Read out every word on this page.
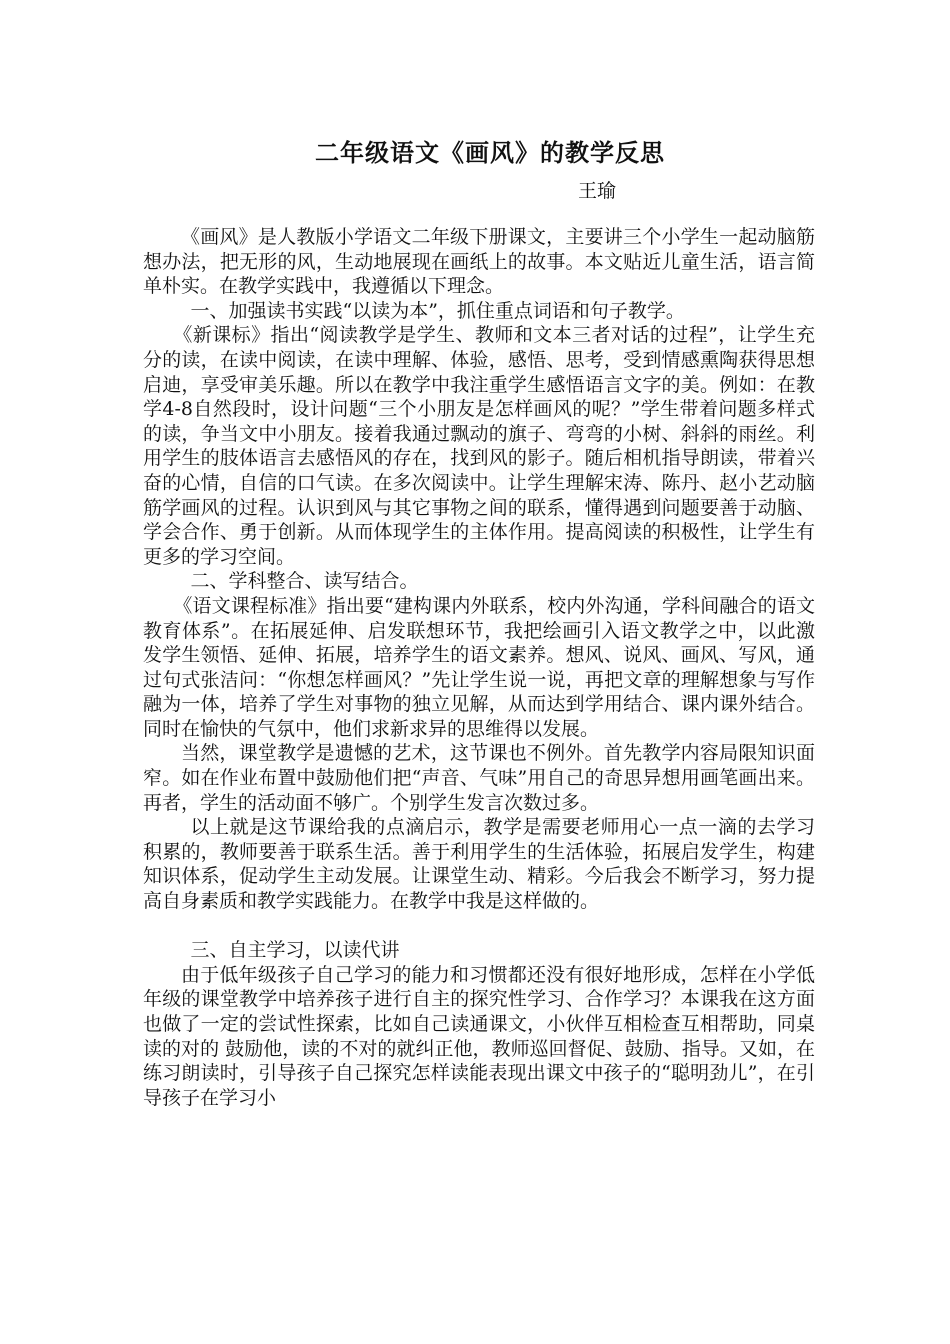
二年级语文《画风》的教学反思
王瑜

《画风》是人教版小学语文二年级下册课文，主要讲三个小学生一起动脑筋想办法，把无形的风，生动地展现在画纸上的故事。本文贴近儿童生活，语言简单朴实。在教学实践中，我遵循以下理念。

一、加强读书实践“以读为本”，抓住重点词语和句子教学。

《新课标》指出“阅读教学是学生、教师和文本三者对话的过程”，让学生充分的读，在读中阅读，在读中理解、体验，感悟、思考，受到情感熏陶获得思想启迪，享受审美乐趣。所以在教学中我注重学生感悟语言文字的美。例如：在教学4-8自然段时，设计问题“三个小朋友是怎样画风的呢？”学生带着问题多样式的读，争当文中小朋友。接着我通过飘动的旗子、弯弯的小树、斜斜的雨丝。利用学生的肢体语言去感悟风的存在，找到风的影子。随后相机指导朗读，带着兴奋的心情，自信的口气读。在多次阅读中。让学生理解宋涛、陈丹、赵小艺动脑筋学画风的过程。认识到风与其它事物之间的联系，懂得遇到问题要善于动脑、学会合作、勇于创新。从而体现学生的主体作用。提高阅读的积极性，让学生有更多的学习空间。

二、学科整合、读写结合。

《语文课程标准》指出要“建构课内外联系，校内外沟通，学科间融合的语文教育体系”。在拓展延伸、启发联想环节，我把绘画引入语文教学之中，以此激发学生领悟、延伸、拓展，培养学生的语文素养。想风、说风、画风、写风，通过句式张洁问：“你想怎样画风？”先让学生说一说，再把文章的理解想象与写作融为一体，培养了学生对事物的独立见解，从而达到学用结合、课内课外结合。同时在愉快的气氛中，他们求新求异的思维得以发展。

当然，课堂教学是遗憾的艺术，这节课也不例外。首先教学内容局限知识面窄。如在作业布置中鼓励他们把“声音、气味”用自己的奇思异想用画笔画出来。再者，学生的活动面不够广。个别学生发言次数过多。

以上就是这节课给我的点滴启示，教学是需要老师用心一点一滴的去学习积累的，教师要善于联系生活。善于利用学生的生活体验，拓展启发学生，构建知识体系，促动学生主动发展。让课堂生动、精彩。今后我会不断学习，努力提高自身素质和教学实践能力。在教学中我是这样做的。

三、自主学习，以读代讲

由于低年级孩子自己学习的能力和习惯都还没有很好地形成，怎样在小学低年级的课堂教学中培养孩子进行自主的探究性学习、合作学习？本课我在这方面也做了一定的尝试性探索，比如自己读通课文，小伙伴互相检查互相帮助，同桌读的对的 鼓励他，读的不对的就纠正他，教师巡回督促、鼓励、指导。又如，在练习朗读时，引导孩子自己探究怎样读能表现出课文中孩子的“聪明劲儿”，在引导孩子在学习小
